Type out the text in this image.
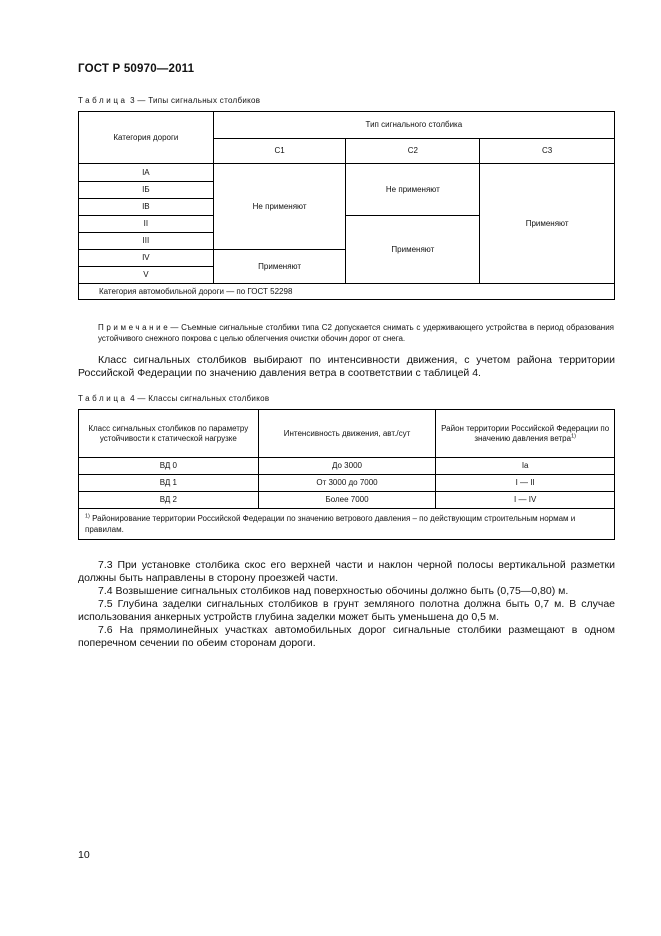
ГОСТ Р 50970—2011
Таблица 3 — Типы сигнальных столбиков
Категория дороги	Тип сигнального столбика		
	С1	С2	С3
IA	Не применяют	Не применяют	Применяют
IБ			
IB			
II		Применяют	
III			
IV	Применяют		
V			
Категория автомобильной дороги — по ГОСТ 52298			
Примечание— Съемные сигнальные столбики типа С2 допускается снимать с удерживающего устройства в период образования устойчивого снежного покрова с целью облегчения очистки обочин дорог от снега.
Класс сигнальных столбиков выбирают по интенсивности движения, с учетом района территории Российской Федерации по значению давления ветра в соответствии с таблицей 4.
Таблица 4 — Классы сигнальных столбиков
Класс сигнальных столбиков по параметру устойчивости к статической нагрузке	Интенсивность движения, авт./сут	Район территории Российской Федерации по значению давления ветра$^{1)}$
ВД 0	До 3000	Ia
ВД 1	От 3000 до 7000	I — II
ВД 2	Более 7000	I — IV
$^{1)}$ Районирование территории Российской Федерации по значению ветрового давления – по действующим строительным нормам и правилам.		
7.3 При установке столбика скос его верхней части и наклон черной полосы вертикальной разметки должны быть направлены в сторону проезжей части.
7.4 Возвышение сигнальных столбиков над поверхностью обочины должно быть (0,75—0,80) м.
7.5 Глубина заделки сигнальных столбиков в грунт земляного полотна должна быть 0,7 м. В случае использования анкерных устройств глубина заделки может быть уменьшена до 0,5 м.
7.6 На прямолинейных участках автомобильных дорог сигнальные столбики размещают в одном поперечном сечении по обеим сторонам дороги.
10
